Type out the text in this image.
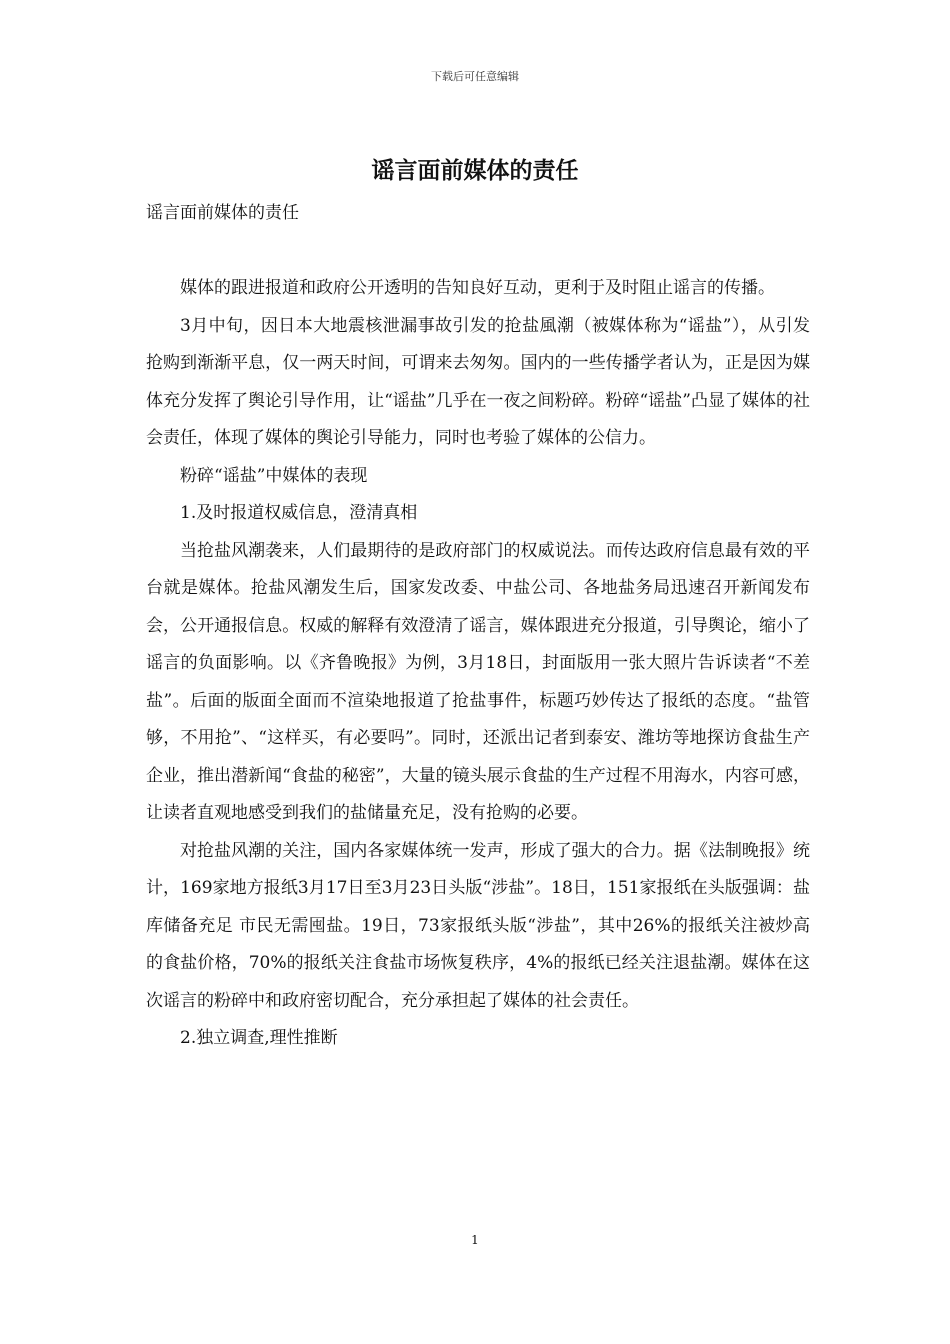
下载后可任意编辑
谣言面前媒体的责任

谣言面前媒体的责任

媒体的跟进报道和政府公开透明的告知良好互动，更利于及时阻止谣言的传播。

3月中旬，因日本大地震核泄漏事故引发的抢盐風潮（被媒体称为“谣盐”），从引发抢购到渐渐平息，仅一两天时间，可谓来去匆匆。国内的一些传播学者认为，正是因为媒体充分发挥了舆论引导作用，让“谣盐”几乎在一夜之间粉碎。粉碎“谣盐”凸显了媒体的社会责任，体现了媒体的舆论引导能力，同时也考验了媒体的公信力。

粉碎“谣盐”中媒体的表现

1.及时报道权威信息，澄清真相

当抢盐风潮袭来，人们最期待的是政府部门的权威说法。而传达政府信息最有效的平台就是媒体。抢盐风潮发生后，国家发改委、中盐公司、各地盐务局迅速召开新闻发布会，公开通报信息。权威的解释有效澄清了谣言，媒体跟进充分报道，引导舆论，缩小了谣言的负面影响。以《齐鲁晚报》为例，3月18日，封面版用一张大照片告诉读者“不差盐”。后面的版面全面而不渲染地报道了抢盐事件，标题巧妙传达了报纸的态度。“盐管够，不用抢”、“这样买，有必要吗”。同时，还派出记者到泰安、潍坊等地探访食盐生产企业，推出潜新闻“食盐的秘密”，大量的镜头展示食盐的生产过程不用海水，内容可感，让读者直观地感受到我们的盐储量充足，没有抢购的必要。

对抢盐风潮的关注，国内各家媒体统一发声，形成了强大的合力。据《法制晚报》统计，169家地方报纸3月17日至3月23日头版“涉盐”。18日，151家报纸在头版强调：盐库储备充足 市民无需囤盐。19日，73家报纸头版“涉盐”，其中26%的报纸关注被炒高的食盐价格，70%的报纸关注食盐市场恢复秩序，4%的报纸已经关注退盐潮。媒体在这次谣言的粉碎中和政府密切配合，充分承担起了媒体的社会责任。

2.独立调查,理性推断

1
